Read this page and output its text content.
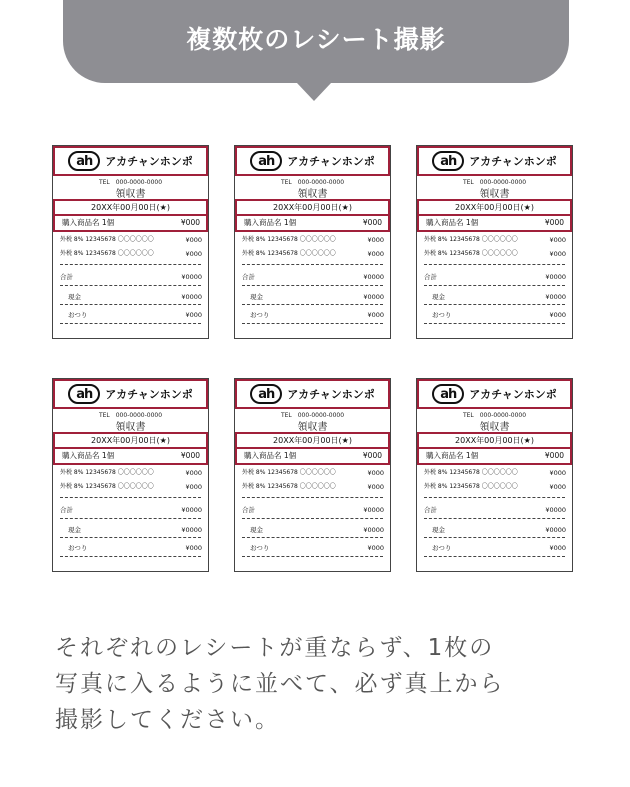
複数枚のレシート撮影
ah	アカチャンホンポ
TEL　000-0000-0000
領収書
20XX年00月00日(★)
購入商品名 1個	¥000
外税 8% 12345678 〇〇〇〇〇〇	¥000
外税 8% 12345678 〇〇〇〇〇〇	¥000
合計	¥0000
現金	¥0000
おつり	¥000
ah	アカチャンホンポ
TEL　000-0000-0000
領収書
20XX年00月00日(★)
購入商品名 1個	¥000
外税 8% 12345678 〇〇〇〇〇〇	¥000
外税 8% 12345678 〇〇〇〇〇〇	¥000
合計	¥0000
現金	¥0000
おつり	¥000
ah	アカチャンホンポ
TEL　000-0000-0000
領収書
20XX年00月00日(★)
購入商品名 1個	¥000
外税 8% 12345678 〇〇〇〇〇〇	¥000
外税 8% 12345678 〇〇〇〇〇〇	¥000
合計	¥0000
現金	¥0000
おつり	¥000
ah	アカチャンホンポ
TEL　000-0000-0000
領収書
20XX年00月00日(★)
購入商品名 1個	¥000
外税 8% 12345678 〇〇〇〇〇〇	¥000
外税 8% 12345678 〇〇〇〇〇〇	¥000
合計	¥0000
現金	¥0000
おつり	¥000
ah	アカチャンホンポ
TEL　000-0000-0000
領収書
20XX年00月00日(★)
購入商品名 1個	¥000
外税 8% 12345678 〇〇〇〇〇〇	¥000
外税 8% 12345678 〇〇〇〇〇〇	¥000
合計	¥0000
現金	¥0000
おつり	¥000
ah	アカチャンホンポ
TEL　000-0000-0000
領収書
20XX年00月00日(★)
購入商品名 1個	¥000
外税 8% 12345678 〇〇〇〇〇〇	¥000
外税 8% 12345678 〇〇〇〇〇〇	¥000
合計	¥0000
現金	¥0000
おつり	¥000
それぞれのレシートが重ならず、1枚の
写真に入るように並べて、必ず真上から
撮影してください。
